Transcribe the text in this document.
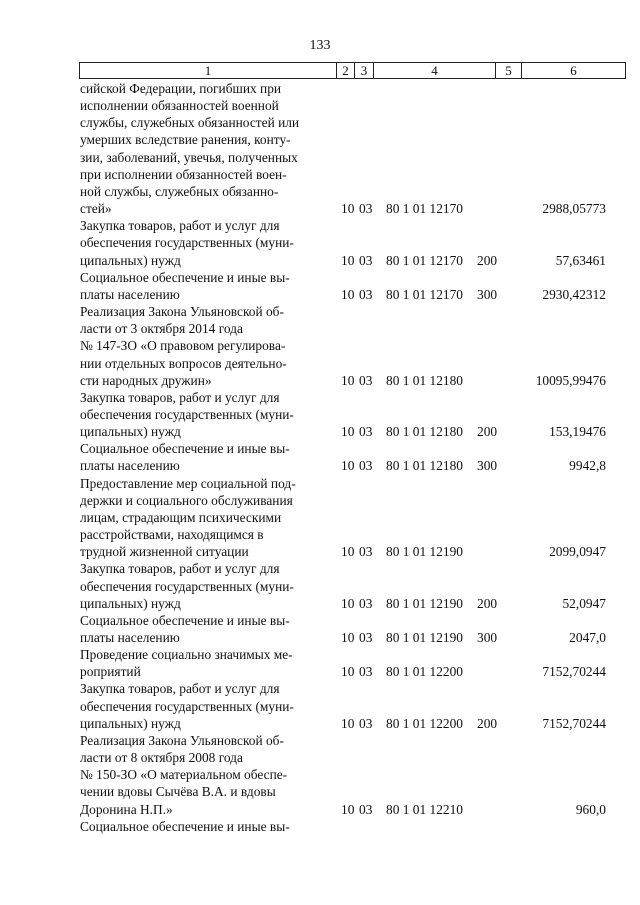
133
1	2	3	4	5	6
сийской Федерации, погибших при
исполнении обязанностей военной
службы, служебных обязанностей или
умерших вследствие ранения, конту-
зии, заболеваний, увечья, полученных
при исполнении обязанностей воен-
ной службы, служебных обязанно-
стей»	10 03 80 1 01 12170	2988,05773
Закупка товаров, работ и услуг для
обеспечения государственных (муни-
ципальных) нужд	10 03 80 1 01 12170 200	57,63461
Социальное обеспечение и иные вы-
платы населению	10 03 80 1 01 12170 300	2930,42312
Реализация Закона Ульяновской об-
ласти от 3 октября 2014 года
№ 147-ЗО «О правовом регулирова-
нии отдельных вопросов деятельно-
сти народных дружин»	10 03 80 1 01 12180	10095,99476
Закупка товаров, работ и услуг для
обеспечения государственных (муни-
ципальных) нужд	10 03 80 1 01 12180 200	153,19476
Социальное обеспечение и иные вы-
платы населению	10 03 80 1 01 12180 300	9942,8
Предоставление мер социальной под-
держки и социального обслуживания
лицам, страдающим психическими
расстройствами, находящимся в
трудной жизненной ситуации	10 03 80 1 01 12190	2099,0947
Закупка товаров, работ и услуг для
обеспечения государственных (муни-
ципальных) нужд	10 03 80 1 01 12190 200	52,0947
Социальное обеспечение и иные вы-
платы населению	10 03 80 1 01 12190 300	2047,0
Проведение социально значимых ме-
роприятий	10 03 80 1 01 12200	7152,70244
Закупка товаров, работ и услуг для
обеспечения государственных (муни-
ципальных) нужд	10 03 80 1 01 12200 200	7152,70244
Реализация Закона Ульяновской об-
ласти от 8 октября 2008 года
№ 150-ЗО «О материальном обеспе-
чении вдовы Сычёва В.А. и вдовы
Доронина Н.П.»	10 03 80 1 01 12210	960,0
Социальное обеспечение и иные вы-
